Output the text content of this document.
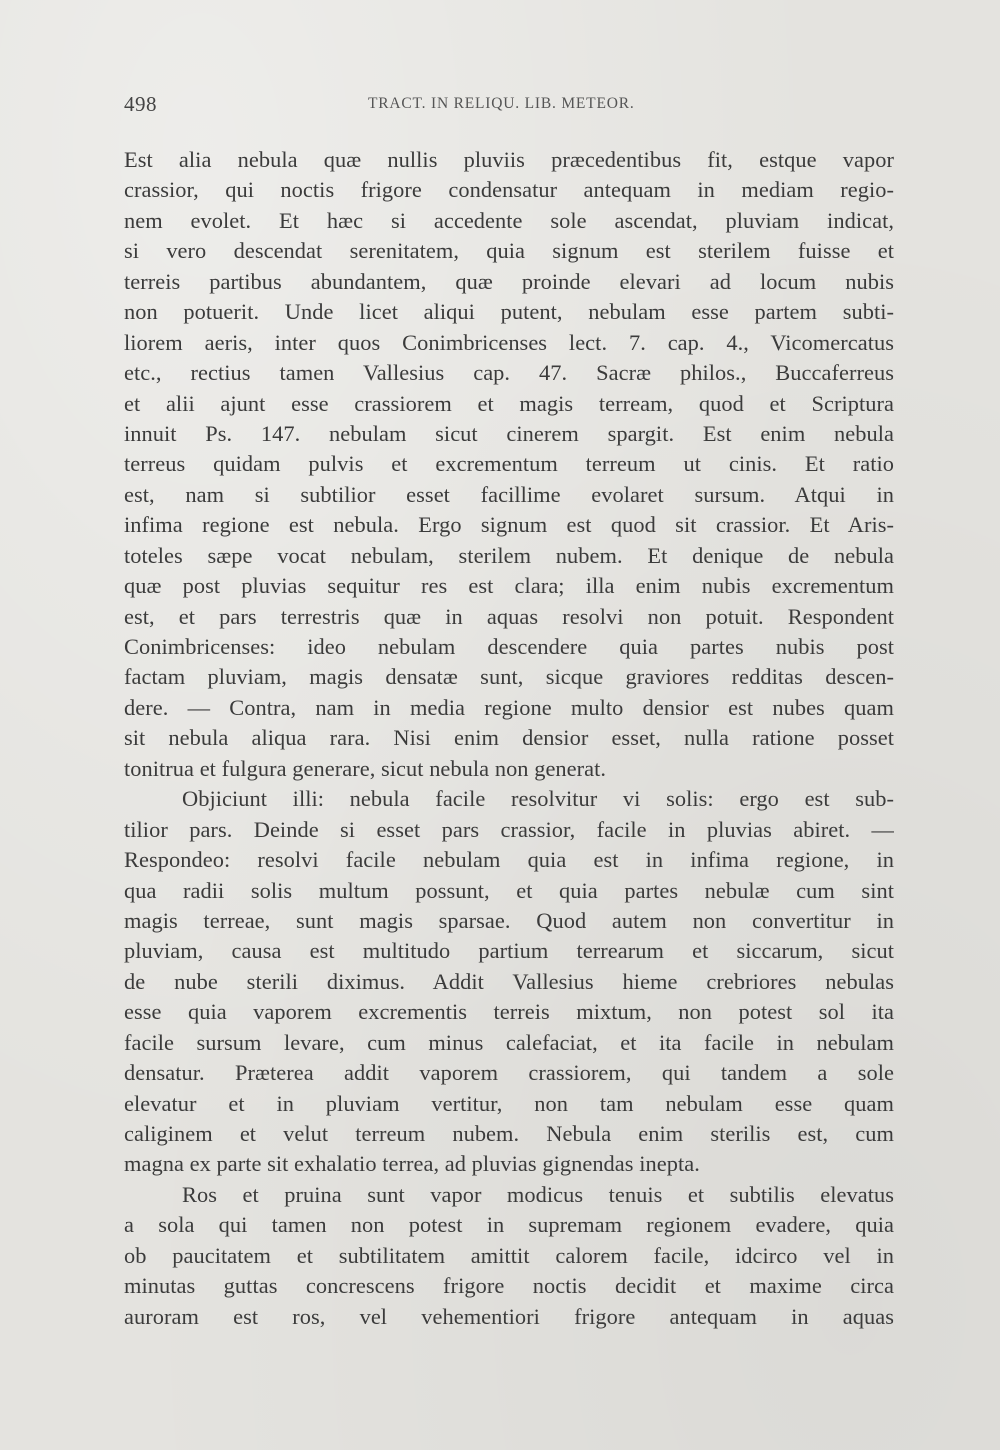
498	TRACT. IN RELIQU. LIB. METEOR.
Est alia nebula quæ nullis pluviis præcedentibus fit, estque vapor
crassior, qui noctis frigore condensatur antequam in mediam regio-
nem evolet. Et hæc si accedente sole ascendat, pluviam indicat,
si vero descendat serenitatem, quia signum est sterilem fuisse et
terreis partibus abundantem, quæ proinde elevari ad locum nubis
non potuerit. Unde licet aliqui putent, nebulam esse partem subti-
liorem aeris, inter quos Conimbricenses lect. 7. cap. 4., Vicomercatus
etc., rectius tamen Vallesius cap. 47. Sacræ philos., Buccaferreus
et alii ajunt esse crassiorem et magis terream, quod et Scriptura
innuit Ps. 147. nebulam sicut cinerem spargit. Est enim nebula
terreus quidam pulvis et excrementum terreum ut cinis. Et ratio
est, nam si subtilior esset facillime evolaret sursum. Atqui in
infima regione est nebula. Ergo signum est quod sit crassior. Et Aris-
toteles sæpe vocat nebulam, sterilem nubem. Et denique de nebula
quæ post pluvias sequitur res est clara; illa enim nubis excrementum
est, et pars terrestris quæ in aquas resolvi non potuit. Respondent
Conimbricenses: ideo nebulam descendere quia partes nubis post
factam pluviam, magis densatæ sunt, sicque graviores redditas descen-
dere. — Contra, nam in media regione multo densior est nubes quam
sit nebula aliqua rara. Nisi enim densior esset, nulla ratione posset
tonitrua et fulgura generare, sicut nebula non generat.
Objiciunt illi: nebula facile resolvitur vi solis: ergo est sub-
tilior pars. Deinde si esset pars crassior, facile in pluvias abiret. —
Respondeo: resolvi facile nebulam quia est in infima regione, in
qua radii solis multum possunt, et quia partes nebulæ cum sint
magis terreae, sunt magis sparsae. Quod autem non convertitur in
pluviam, causa est multitudo partium terrearum et siccarum, sicut
de nube sterili diximus. Addit Vallesius hieme crebriores nebulas
esse quia vaporem excrementis terreis mixtum, non potest sol ita
facile sursum levare, cum minus calefaciat, et ita facile in nebulam
densatur. Præterea addit vaporem crassiorem, qui tandem a sole
elevatur et in pluviam vertitur, non tam nebulam esse quam
caliginem et velut terreum nubem. Nebula enim sterilis est, cum
magna ex parte sit exhalatio terrea, ad pluvias gignendas inepta.
Ros et pruina sunt vapor modicus tenuis et subtilis elevatus
a sola qui tamen non potest in supremam regionem evadere, quia
ob paucitatem et subtilitatem amittit calorem facile, idcirco vel in
minutas guttas concrescens frigore noctis decidit et maxime circa
auroram est ros, vel vehementiori frigore antequam in aquas
